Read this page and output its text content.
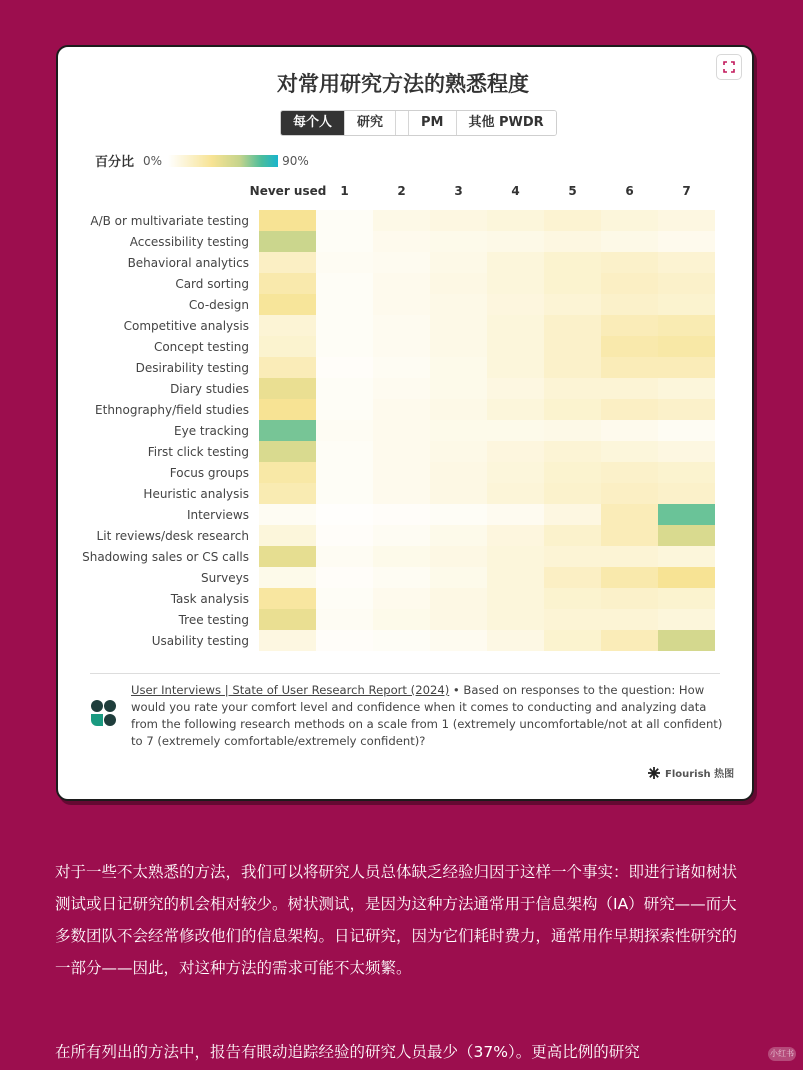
对常用研究方法的熟悉程度
每个人	研究	PM	其他 PWDR
百分比 0%	90%
Never used 1	2	3	4	5	6	7
A/B or multivariate testing
Accessibility testing
Behavioral analytics
Card sorting
Co-design
Competitive analysis
Concept testing
Desirability testing
Diary studies
Ethnography/field studies
Eye tracking
First click testing
Focus groups
Heuristic analysis
Interviews
Lit reviews/desk research
Shadowing sales or CS calls
Surveys
Task analysis
Tree testing
Usability testing
User Interviews | State of User Research Report (2024) • Based on responses to the question: How would you rate your comfort level and confidence when it comes to conducting and analyzing data from the following research methods on a scale from 1 (extremely uncomfortable/not at all confident) to 7 (extremely comfortable/extremely confident)?
Flourish 热图
对于一些不太熟悉的方法，我们可以将研究人员总体缺乏经验归因于这样一个事实：即进行诸如树状测试或日记研究的机会相对较少。树状测试，是因为这种方法通常用于信息架构（IA）研究——而大多数团队不会经常修改他们的信息架构。日记研究，因为它们耗时费力，通常用作早期探索性研究的一部分——因此，对这种方法的需求可能不太频繁。
在所有列出的方法中，报告有眼动追踪经验的研究人员最少（37%）。更高比例的研究	小红书
